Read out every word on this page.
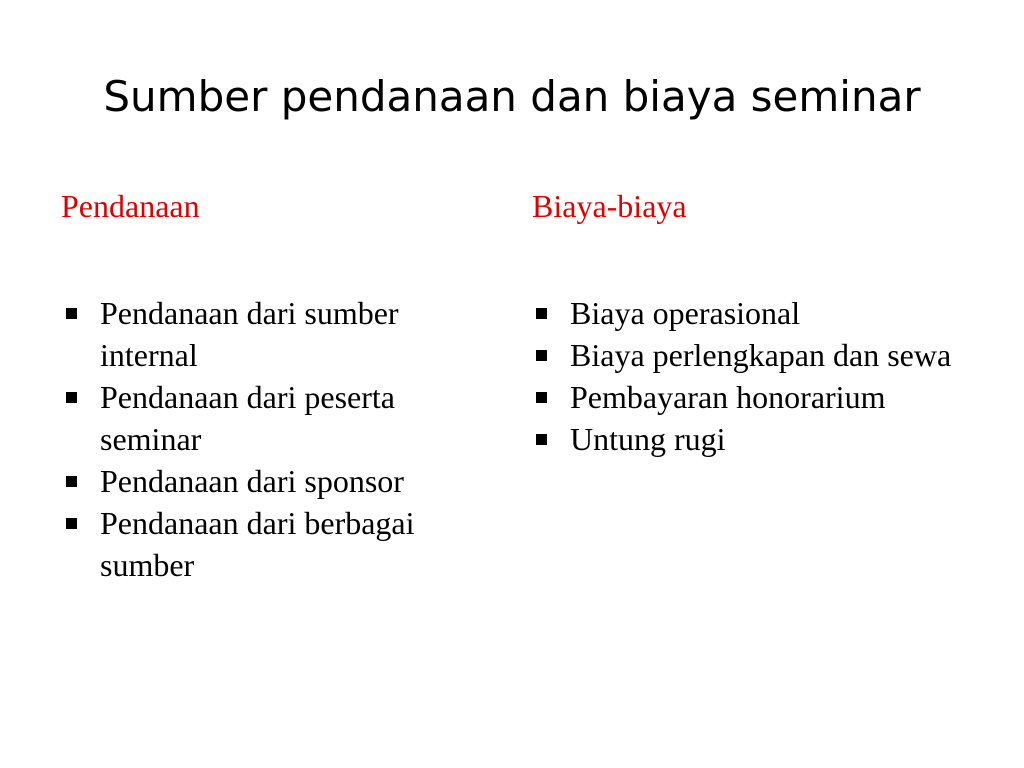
Sumber pendanaan dan biaya seminar
Pendanaan	Biaya-biaya
Pendanaan dari sumber internal
Pendanaan dari peserta seminar
Pendanaan dari sponsor
Pendanaan dari berbagai sumber
Biaya operasional
Biaya perlengkapan dan sewa
Pembayaran honorarium
Untung rugi
